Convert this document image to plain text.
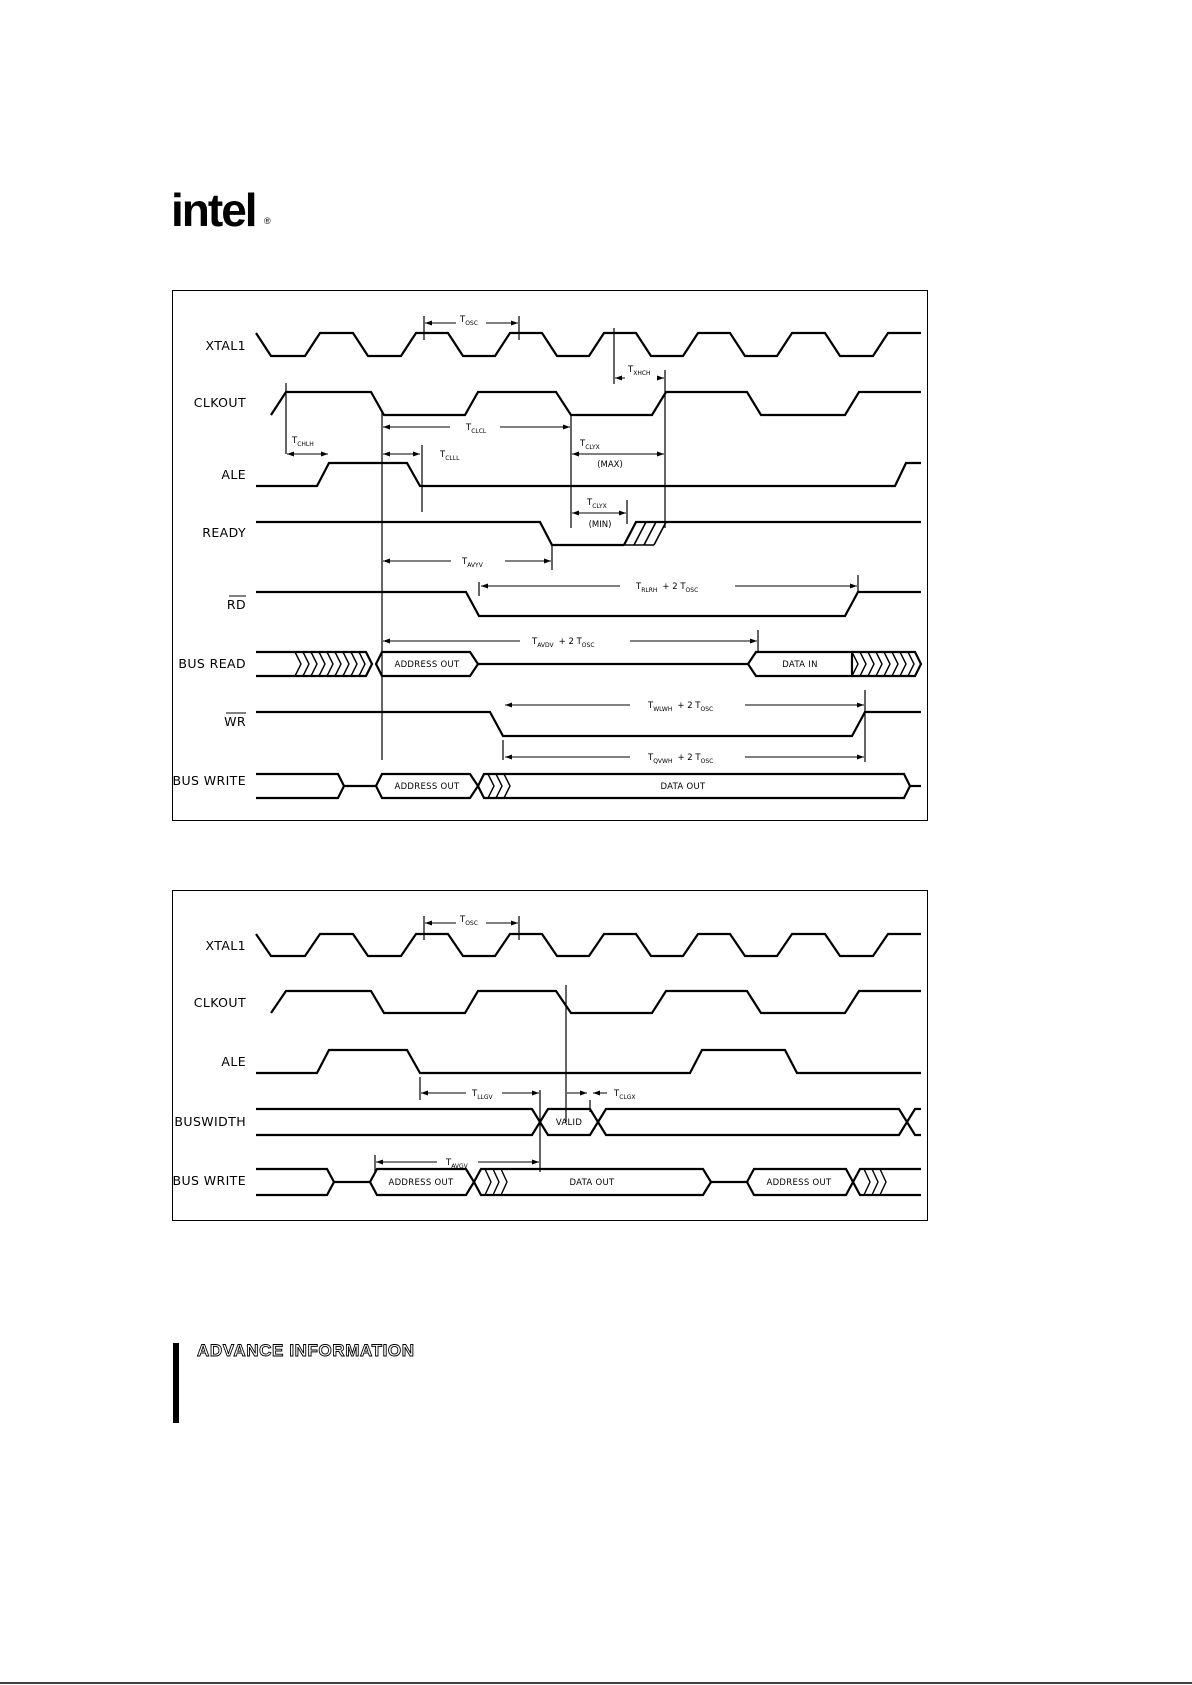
intel ®
XTAL1
CLKOUT
ALE
READY
RD
BUS READ
WR
BUS WRITE
ADDRESS OUT	DATA IN
ADDRESS OUT	DATA OUT
$T_{OSC}$
$T_{XHCH}$
$T_{CHLH}$
$T_{CLCL}$
$T_{CLLL}$
$T_{CLYX}$
(MAX)
$T_{CLYX}$
(MIN)
$T_{AVYV}$
$T_{RLRH} + 2$ $T_{OSC}$
$T_{AVDV} + 2$ $T_{OSC}$
$T_{WLWH} + 2$ $T_{OSC}$
$T_{QVWH} + 2$ $T_{OSC}$
XTAL1
CLKOUT
ALE
BUSWIDTH
BUS WRITE
VALID
ADDRESS OUT	DATA OUT	ADDRESS OUT
$T_{OSC}$
$T_{LLGV}$	$T_{CLGX}$
$T_{AVGV}$
ADVANCE INFORMATION
